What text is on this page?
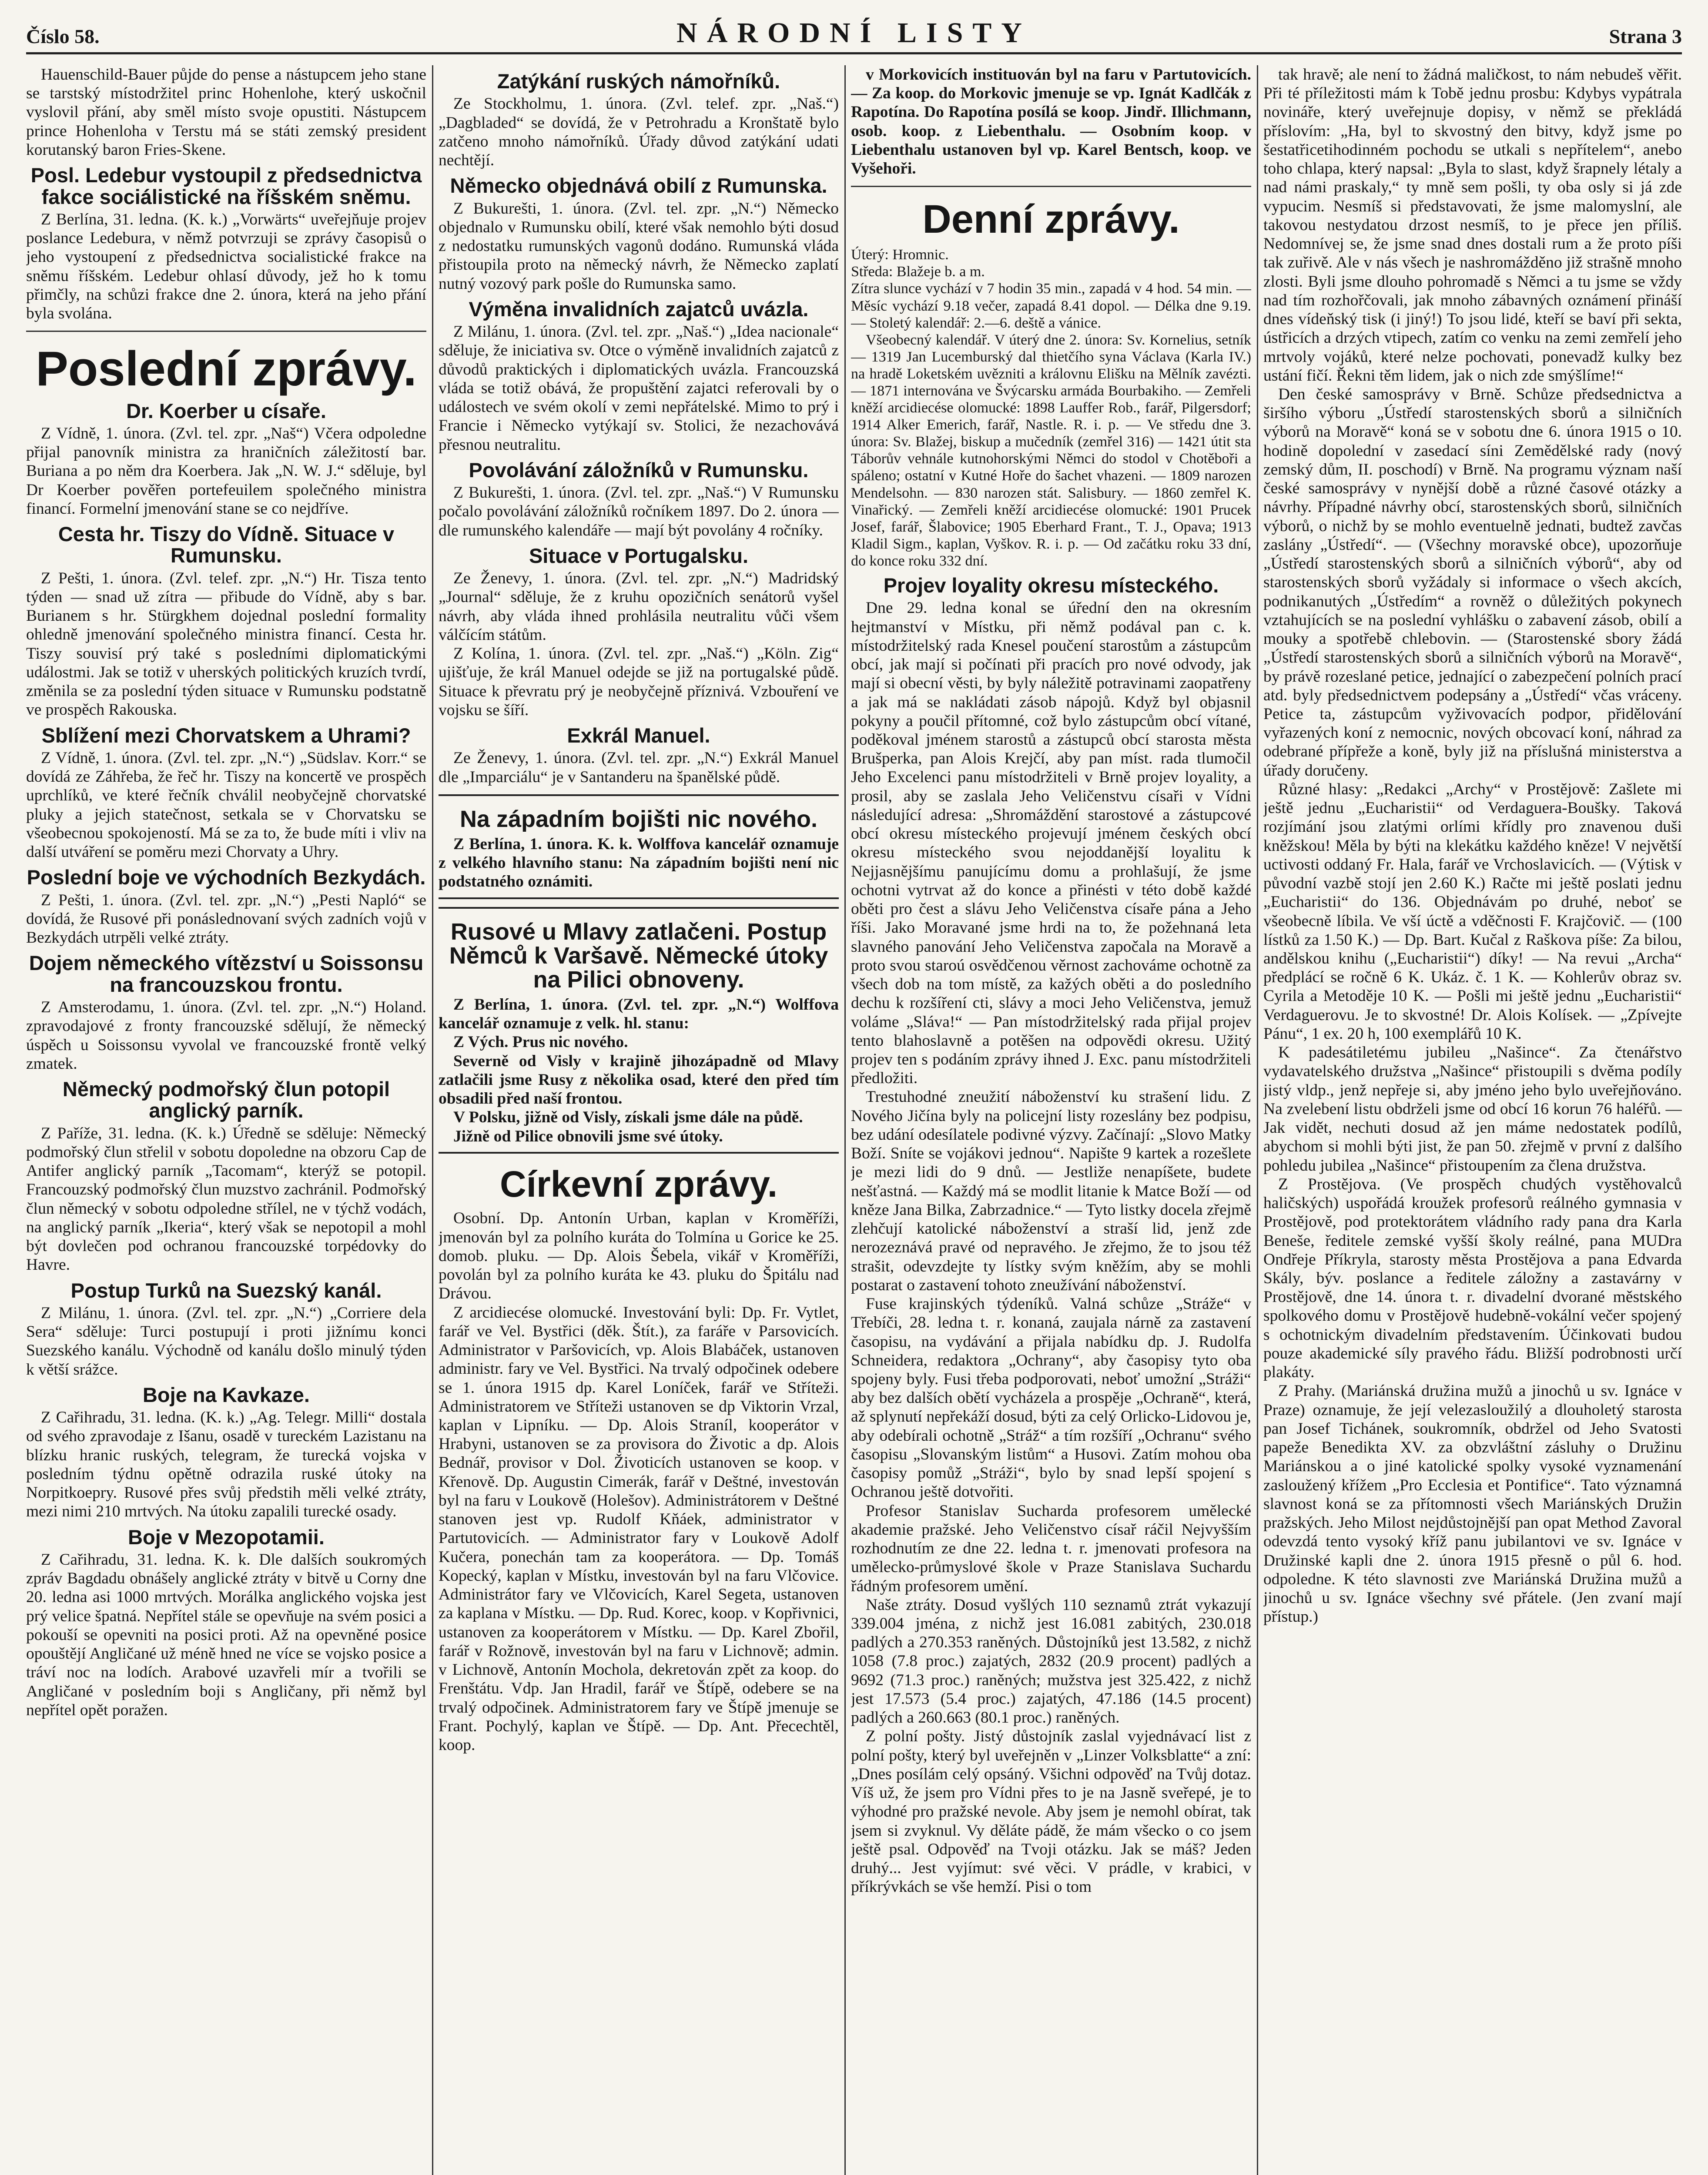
Číslo 58.	NÁRODNÍ LISTY	Strana 3

Hauenschild-Bauer půjde do pense a nástupcem jeho stane se tarstský místodržitel princ Hohenlohe, který uskočnil vyslovil přání, aby směl místo svoje opustiti. Nástupcem prince Hohenloha v Terstu má se státi zemský president korutanský baron Fries-Skene.

Posl. Ledebur vystoupil z předsednictva fakce sociálistické na říšském sněmu.

Z Berlína, 31. ledna. (K. k.) „Vorwärts“ uveřejňuje projev poslance Ledebura, v němž potvrzuji se zprávy časopisů o jeho vystoupení z předsednictva socialistické frakce na sněmu říšském. Ledebur ohlasí důvody, jež ho k tomu přimčly, na schůzi frakce dne 2. února, která na jeho přání byla svolána.

Poslední zprávy.
Dr. Koerber u císaře.

Z Vídně, 1. února. (Zvl. tel. zpr. „Naš“) Včera odpoledne přijal panovník ministra za hraničních záležitostí bar. Buriana a po něm dra Koerbera. Jak „N. W. J.“ sděluje, byl Dr Koerber pověřen portefeuilem společného ministra financí. Formelní jmenování stane se co nejdříve.

Cesta hr. Tiszy do Vídně. Situace v Rumunsku.

Z Pešti, 1. února. (Zvl. telef. zpr. „N.“) Hr. Tisza tento týden — snad už zítra — přibude do Vídně, aby s bar. Burianem s hr. Stürgkhem dojednal poslední formality ohledně jmenování společného ministra financí. Cesta hr. Tiszy souvisí prý také s posledními diplomatickými událostmi. Jak se totiž v uherských politických kruzích tvrdí, změnila se za poslední týden situace v Rumunsku podstatně ve prospěch Rakouska.

Sblížení mezi Chorvatskem a Uhrami?

Z Vídně, 1. února. (Zvl. tel. zpr. „N.“) „Südslav. Korr.“ se dovídá ze Záhřeba, že řeč hr. Tiszy na koncertě ve prospěch uprchlíků, ve které řečník chválil neobyčejně chorvatské pluky a jejich statečnost, setkala se v Chorvatsku se všeobecnou spokojeností. Má se za to, že bude míti i vliv na další utváření se poměru mezi Chorvaty a Uhry.

Poslední boje ve východních Bezkydách.

Z Pešti, 1. února. (Zvl. tel. zpr. „N.“) „Pesti Napló“ se dovídá, že Rusové při ponáslednovaní svých zadních vojů v Bezkydách utrpěli velké ztráty.

Dojem německého vítězství u Soissonsu na francouzskou frontu.

Z Amsterodamu, 1. února. (Zvl. tel. zpr. „N.“) Holand. zpravodajové z fronty francouzské sdělují, že německý úspěch u Soissonsu vyvolal ve francouzské frontě velký zmatek.

Německý podmořský člun potopil anglický parník.

Z Paříže, 31. ledna. (K. k.) Úředně se sděluje: Německý podmořský člun střelil v sobotu dopoledne na obzoru Cap de Antifer anglický parník „Tacomam“, kterýž se potopil. Francouzský podmořský člun muzstvo zachránil. Podmořský člun německý v sobotu odpoledne střílel, ne v týchž vodách, na anglický parník „Ikeria“, který však se nepotopil a mohl být dovlečen pod ochranou francouzské torpédovky do Havre.

Postup Turků na Suezský kanál.

Z Milánu, 1. února. (Zvl. tel. zpr. „N.“) „Corriere dela Sera“ sděluje: Turci postupují i proti jižnímu konci Suezského kanálu. Východně od kanálu došlo minulý týden k větší srážce.

Boje na Kavkaze.

Z Cařihradu, 31. ledna. (K. k.) „Ag. Telegr. Milli“ dostala od svého zpravodaje z Išanu, osadě v tureckém Lazistanu na blízku hranic ruských, telegram, že turecká vojska v posledním týdnu opětně odrazila ruské útoky na Norpitkoepry. Rusové přes svůj předstih měli velké ztráty, mezi nimi 210 mrtvých. Na útoku zapalili turecké osady.

Boje v Mezopotamii.

Z Cařihradu, 31. ledna. K. k. Dle dalších soukromých zpráv Bagdadu obnášely anglické ztráty v bitvě u Corny dne 20. ledna asi 1000 mrtvých. Morálka anglického vojska jest prý velice špatná. Nepřítel stále se opevňuje na svém posici a pokouší se opevniti na posici proti. Až na opevněné posice opouštějí Angličané už méně hned ne více se vojsko posice a tráví noc na lodích. Arabové uzavřeli mír a tvořili se Angličané v posledním boji s Angličany, při němž byl nepřítel opět poražen.

Zatýkání ruských námořníků.

Ze Stockholmu, 1. února. (Zvl. telef. zpr. „Naš.“) „Dagbladed“ se dovídá, že v Petrohradu a Kronštatě bylo zatčeno mnoho námořníků. Úřady důvod zatýkání udati nechtějí.

Německo objednává obilí z Rumunska.

Z Bukurešti, 1. února. (Zvl. tel. zpr. „N.“) Německo objednalo v Rumunsku obilí, které však nemohlo býti dosud z nedostatku rumunských vagonů dodáno. Rumunská vláda přistoupila proto na německý návrh, že Německo zaplatí nutný vozový park pošle do Rumunska samo.

Výměna invalidních zajatců uvázla.

Z Milánu, 1. února. (Zvl. tel. zpr. „Naš.“) „Idea nacionale“ sděluje, že iniciativa sv. Otce o výměně invalidních zajatců z důvodů praktických i diplomatických uvázla. Francouzská vláda se totiž obává, že propuštění zajatci referovali by o událostech ve svém okolí v zemi nepřátelské. Mimo to prý i Francie i Německo vytýkají sv. Stolici, že nezachovává přesnou neutralitu.

Povolávání záložníků v Rumunsku.

Z Bukurešti, 1. února. (Zvl. tel. zpr. „Naš.“) V Rumunsku počalo povolávání záložníků ročníkem 1897. Do 2. února — dle rumunského kalendáře — mají být povolány 4 ročníky.

Situace v Portugalsku.

Ze Ženevy, 1. února. (Zvl. tel. zpr. „N.“) Madridský „Journal“ sděluje, že z kruhu opozičních senátorů vyšel návrh, aby vláda ihned prohlásila neutralitu vůči všem válčícím státům.

Z Kolína, 1. února. (Zvl. tel. zpr. „Naš.“) „Köln. Zig“ ujišťuje, že král Manuel odejde se již na portugalské půdě. Situace k převratu prý je neobyčejně příznivá. Vzbouření ve vojsku se šíří.

Exkrál Manuel.

Ze Ženevy, 1. února. (Zvl. tel. zpr. „N.“) Exkrál Manuel dle „Imparciálu“ je v Santanderu na španělské půdě.

Na západním bojišti nic nového.

Z Berlína, 1. února. K. k. Wolffova kancelář oznamuje z velkého hlavního stanu: Na západním bojišti není nic podstatného oznámiti.

Rusové u Mlavy zatlačeni. Postup Němců k Varšavě. Německé útoky na Pilici obnoveny.

Z Berlína, 1. února. (Zvl. tel. zpr. „N.“) Wolffova kancelář oznamuje z velk. hl. stanu:

Z Vých. Prus nic nového.

Severně od Visly v krajině jihozápadně od Mlavy zatlačili jsme Rusy z několika osad, které den před tím obsadili před naší frontou.

V Polsku, jižně od Visly, získali jsme dále na půdě.

Jižně od Pilice obnovili jsme své útoky.

Církevní zprávy.

Osobní. Dp. Antonín Urban, kaplan v Kroměříži, jmenován byl za polního kuráta do Tolmína u Gorice ke 25. domob. pluku. — Dp. Alois Šebela, vikář v Kroměříži, povolán byl za polního kuráta ke 43. pluku do Špitálu nad Drávou.

Z arcidiecése olomucké. Investování byli: Dp. Fr. Vytlet, farář ve Vel. Bystřici (děk. Štít.), za faráře v Parsovicích. Administrator v Paršovicích, vp. Alois Blabáček, ustanoven administr. fary ve Vel. Bystřici. Na trvalý odpočinek odebere se 1. února 1915 dp. Karel Loníček, farář ve Stříteži. Administratorem ve Stříteži ustanoven se dp Viktorin Vrzal, kaplan v Lipníku. — Dp. Alois Straníl, kooperátor v Hrabyni, ustanoven se za provisora do Životic a dp. Alois Bednář, provisor v Dol. Životicích ustanoven se koop. v Křenově. Dp. Augustin Cimerák, farář v Deštné, investován byl na faru v Loukově (Holešov). Administrátorem v Deštné stanoven jest vp. Rudolf Kňáek, administrator v Partutovicích. — Administrator fary v Loukově Adolf Kučera, ponechán tam za kooperátora. — Dp. Tomáš Kopecký, kaplan v Místku, investován byl na faru Vlčovice. Administrátor fary ve Vlčovicích, Karel Segeta, ustanoven za kaplana v Místku. — Dp. Rud. Korec, koop. v Kopřivnici, ustanoven za kooperátorem v Místku. — Dp. Karel Zbořil, farář v Rožnově, investován byl na faru v Lichnově; admin. v Lichnově, Antonín Mochola, dekretován zpět za koop. do Frenštátu. Vdp. Jan Hradil, farář ve Štípě, odebere se na trvalý odpočinek. Administratorem fary ve Štípě jmenuje se Frant. Pochylý, kaplan ve Štípě. — Dp. Ant. Přecechtěl, koop.

v Morkovicích instituován byl na faru v Partutovicích. — Za koop. do Morkovic jmenuje se vp. Ignát Kadlčák z Rapotína. Do Rapotína posílá se koop. Jindř. Illichmann, osob. koop. z Liebenthalu. — Osobním koop. v Liebenthalu ustanoven byl vp. Karel Bentsch, koop. ve Vyšehoři.

Denní zprávy.

Úterý: Hromnic.

Středa: Blažeje b. a m.

Zítra slunce vychází v 7 hodin 35 min., zapadá v 4 hod. 54 min. — Měsíc vychází 9.18 večer, zapadá 8.41 dopol. — Délka dne 9.19. — Stoletý kalendář: 2.—6. deště a vánice.

Všeobecný kalendář. V úterý dne 2. února: Sv. Kornelius, setník — 1319 Jan Lucemburský dal thietčího syna Václava (Karla IV.) na hradě Loketském uvězniti a královnu Elišku na Mělník zavézti. — 1871 internována ve Švýcarsku armáda Bourbakiho. — Zemřeli kněží arcidiecése olomucké: 1898 Lauffer Rob., farář, Pilgersdorf; 1914 Alker Emerich, farář, Nastle. R. i. p. — Ve středu dne 3. února: Sv. Blažej, biskup a mučedník (zemřel 316) — 1421 útit sta Táborův vehnále kutnohorskými Němci do stodol v Chotěboři a spáleno; ostatní v Kutné Hoře do šachet vhazeni. — 1809 narozen Mendelsohn. — 830 narozen stát. Salisbury. — 1860 zemřel K. Vinařický. — Zemřeli kněží arcidiecése olomucké: 1901 Prucek Josef, farář, Šlabovice; 1905 Eberhard Frant., T. J., Opava; 1913 Kladil Sigm., kaplan, Vyškov. R. i. p. — Od začátku roku 33 dní, do konce roku 332 dní.

Projev loyality okresu místeckého.

Dne 29. ledna konal se úřední den na okresním hejtmanství v Místku, při němž podával pan c. k. místodržitelský rada Knesel poučení starostům a zástupcům obcí, jak mají si počínati při pracích pro nové odvody, jak mají si obecní věsti, by byly náležitě potravinami zaopatřeny a jak má se nakládati zásob nápojů. Když byl objasnil pokyny a poučil přítomné, což bylo zástupcům obcí vítané, poděkoval jménem starostů a zástupců obcí starosta města Brušperka, pan Alois Krejčí, aby pan míst. rada tlumočil Jeho Excelenci panu místodržiteli v Brně projev loyality, a prosil, aby se zaslala Jeho Veličenstvu císaři v Vídni následující adresa: „Shromáždění starostové a zástupcové obcí okresu místeckého projevují jménem českých obcí okresu místeckého svou nejoddanější loyalitu k Nejjasnějšímu panujícímu domu a prohlašují, že jsme ochotni vytrvat až do konce a přinésti v této době každé oběti pro čest a slávu Jeho Veličenstva císaře pána a Jeho říši. Jako Moravané jsme hrdi na to, že požehnaná leta slavného panování Jeho Veličenstva započala na Moravě a proto svou staroú osvědčenou věrnost zachováme ochotně za všech dob na tom místě, za kažých oběti a do posledního dechu k rozšíření cti, slávy a moci Jeho Veličenstva, jemuž voláme „Sláva!“ — Pan místodržitelský rada přijal projev tento blahoslavně a potěšen na odpovědi okresu. Užitý projev ten s podáním zprávy ihned J. Exc. panu místodržiteli předložiti.

Trestuhodné zneužití náboženství ku strašení lidu. Z Nového Jičína byly na policejní listy rozeslány bez podpisu, bez udání odesílatele podivné výzvy. Začínají: „Slovo Matky Boží. Sníte se vojákovi jednou“. Napište 9 kartek a rozešlete je mezi lidi do 9 dnů. — Jestliže nenapíšete, budete nešťastná. — Každý má se modlit litanie k Matce Boží — od kněze Jana Bilka, Zabrzadnice.“ — Tyto listky docela zřejmě zlehčují katolické náboženství a straší lid, jenž zde nerozeznává pravé od nepravého. Je zřejmo, že to jsou též strašit, odevzdejte ty lístky svým kněžím, aby se mohli postarat o zastavení tohoto zneužívání náboženství.

Fuse krajinských týdeníků. Valná schůze „Stráže“ v Třebíči, 28. ledna t. r. konaná, zaujala nárně za zastavení časopisu, na vydávání a přijala nabídku dp. J. Rudolfa Schneidera, redaktora „Ochrany“, aby časopisy tyto oba spojeny byly. Fusi třeba podporovati, neboť umožní „Stráži“ aby bez dalších obětí vycházela a prospěje „Ochraně“, která, až splynutí nepřekáží dosud, býti za celý Orlicko-Lidovou je, aby odebírali ochotně „Stráž“ a tím rozšíří „Ochranu“ svého časopisu „Slovanským listům“ a Husovi. Zatím mohou oba časopisy pomůž „Stráži“, bylo by snad lepší spojení s Ochranou ještě dotvořiti.

Profesor Stanislav Sucharda profesorem umělecké akademie pražské. Jeho Veličenstvo císař ráčil Nejvyšším rozhodnutím ze dne 22. ledna t. r. jmenovati profesora na umělecko-průmyslové škole v Praze Stanislava Suchardu řádným profesorem umění.

Naše ztráty. Dosud vyšlých 110 seznamů ztrát vykazují 339.004 jména, z nichž jest 16.081 zabitých, 230.018 padlých a 270.353 raněných. Důstojníků jest 13.582, z nichž 1058 (7.8 proc.) zajatých, 2832 (20.9 procent) padlých a 9692 (71.3 proc.) raněných; mužstva jest 325.422, z nichž jest 17.573 (5.4 proc.) zajatých, 47.186 (14.5 procent) padlých a 260.663 (80.1 proc.) raněných.

Z polní pošty. Jistý důstojník zaslal vyjednávací list z polní pošty, který byl uveřejněn v „Linzer Volksblatte“ a zní: „Dnes posílám celý opsáný. Všichni odpověď na Tvůj dotaz. Víš už, že jsem pro Vídni přes to je na Jasně sveřepé, je to výhodné pro pražské nevole. Aby jsem je nemohl obírat, tak jsem si zvyknul. Vy děláte pádě, že mám všecko o co jsem ještě psal. Odpověď na Tvoji otázku. Jak se máš? Jeden druhý... Jest vyjímut: své věci. V prádle, v krabici, v příkrývkách se vše hemží. Pisi o tom

tak hravě; ale není to žádná maličkost, to nám nebudeš věřit. Při té příležitosti mám k Tobě jednu prosbu: Kdybys vypátrala novináře, který uveřejnuje dopisy, v němž se překládá příslovím: „Ha, byl to skvostný den bitvy, když jsme po šestatřicetihodinném pochodu se utkali s nepřítelem“, anebo toho chlapa, který napsal: „Byla to slast, když šrapnely létaly a nad námi praskaly,“ ty mně sem pošli, ty oba osly si já zde vypucim. Nesmíš si představovati, že jsme malomyslní, ale takovou nestydatou drzost nesmíš, to je přece jen příliš. Nedomnívej se, že jsme snad dnes dostali rum a že proto píši tak zuřivě. Ale v nás všech je nashromážděno již strašně mnoho zlosti. Byli jsme dlouho pohromadě s Němci a tu jsme se vždy nad tím rozhořčovali, jak mnoho zábavných oznámení přináší dnes vídeňský tisk (i jiný!) To jsou lidé, kteří se baví při sekta, ústřicích a drzých vtipech, zatím co venku na zemi zemřelí jeho mrtvoly vojáků, které nelze pochovati, ponevadž kulky bez ustání fičí. Řekni těm lidem, jak o nich zde smýšlíme!“

Den české samosprávy v Brně. Schůze předsednictva a širšího výboru „Ústředí starostenských sborů a silničních výborů na Moravě“ koná se v sobotu dne 6. února 1915 o 10. hodině dopolední v zasedací síni Zemědělské rady (nový zemský dům, II. poschodí) v Brně. Na programu význam naší české samosprávy v nynější době a různé časové otázky a návrhy. Případné návrhy obcí, starostenských sborů, silničních výborů, o nichž by se mohlo eventuelně jednati, budtež zavčas zaslány „Ústředí“. — (Všechny moravské obce), upozorňuje „Ústředí starostenských sborů a silničních výborů“, aby od starostenských sborů vyžádaly si informace o všech akcích, podnikanutých „Ústředím“ a rovněž o důležitých pokynech vztahujících se na poslední vyhlášku o zabavení zásob, obilí a mouky a spotřebě chlebovin. — (Starostenské sbory žádá „Ústředí starostenských sborů a silničních výborů na Moravě“, by právě rozeslané petice, jednající o zabezpečení polních prací atd. byly předsednictvem podepsány a „Ústředí“ včas vráceny. Petice ta, zástupcům vyživovacích podpor, přidělování vyřazených koní z nemocnic, nových obcovací koní, náhrad za odebrané přípřeže a koně, byly již na příslušná ministerstva a úřady doručeny.

Různé hlasy: „Redakci „Archy“ v Prostějově: Zašlete mi ještě jednu „Eucharistii“ od Verdaguera-Boušky. Taková rozjímání jsou zlatými orlími křídly pro znavenou duši kněžskou! Měla by býti na klekátku každého kněze! V největší uctivosti oddaný Fr. Hala, farář ve Vrchoslavicích. — (Výtisk v původní vazbě stojí jen 2.60 K.) Račte mi ještě poslati jednu „Eucharistii“ do 136. Objednávám po druhé, neboť se všeobecně líbila. Ve vší úctě a vděčnosti F. Krajčovič. — (100 lístků za 1.50 K.) — Dp. Bart. Kučal z Raškova píše: Za bilou, andělskou knihu („Eucharistii“) díky! — Na revui „Archa“ předplácí se ročně 6 K. Ukáz. č. 1 K. — Kohlerův obraz sv. Cyrila a Metoděje 10 K. — Pošli mi ještě jednu „Eucharistii“ Verdaguerovu. Je to skvostné! Dr. Alois Kolísek. — „Zpívejte Pánu“, 1 ex. 20 h, 100 exemplářů 10 K.

K padesátiletému jubileu „Našince“. Za čtenářstvo vydavatelského družstva „Našince“ přistoupili s dvěma podíly jistý vldp., jenž nepřeje si, aby jméno jeho bylo uveřejňováno. Na zvelebení listu obdrželi jsme od obcí 16 korun 76 haléřů. — Jak vidět, nechuti dosud až jen máme nedostatek podílů, abychom si mohli býti jist, že pan 50. zřejmě v první z dalšího pohledu jubilea „Našince“ přistoupením za člena družstva.

Z Prostějova. (Ve prospěch chudých vystěhovalců haličských) uspořádá kroužek profesorů reálného gymnasia v Prostějově, pod protektorátem vládního rady pana dra Karla Beneše, ředitele zemské vyšší školy reálné, pana MUDra Ondřeje Příkryla, starosty města Prostějova a pana Edvarda Skály, býv. poslance a ředitele záložny a zastavárny v Prostějově, dne 14. února t. r. divadelní dvorané městského spolkového domu v Prostějově hudebně-vokální večer spojený s ochotnickým divadelním představením. Účinkovati budou pouze akademické síly pravého řádu. Bližší podrobnosti určí plakáty.

Z Prahy. (Mariánská družina mužů a jinochů u sv. Ignáce v Praze) oznamuje, že její velezasloužilý a dlouholetý starosta pan Josef Tichánek, soukromník, obdržel od Jeho Svatosti papeže Benedikta XV. za obzvláštní zásluhy o Družinu Mariánskou a o jiné katolické spolky vysoké vyznamenání zasloužený křížem „Pro Ecclesia et Pontifice“. Tato významná slavnost koná se za přítomnosti všech Mariánských Družin pražských. Jeho Milost nejdůstojnější pan opat Method Zavoral odevzdá tento vysoký kříž panu jubilantovi ve sv. Ignáce v Družinské kapli dne 2. února 1915 přesně o půl 6. hod. odpoledne. K této slavnosti zve Mariánská Družina mužů a jinochů u sv. Ignáce všechny své přátele. (Jen zvaní mají přístup.)
